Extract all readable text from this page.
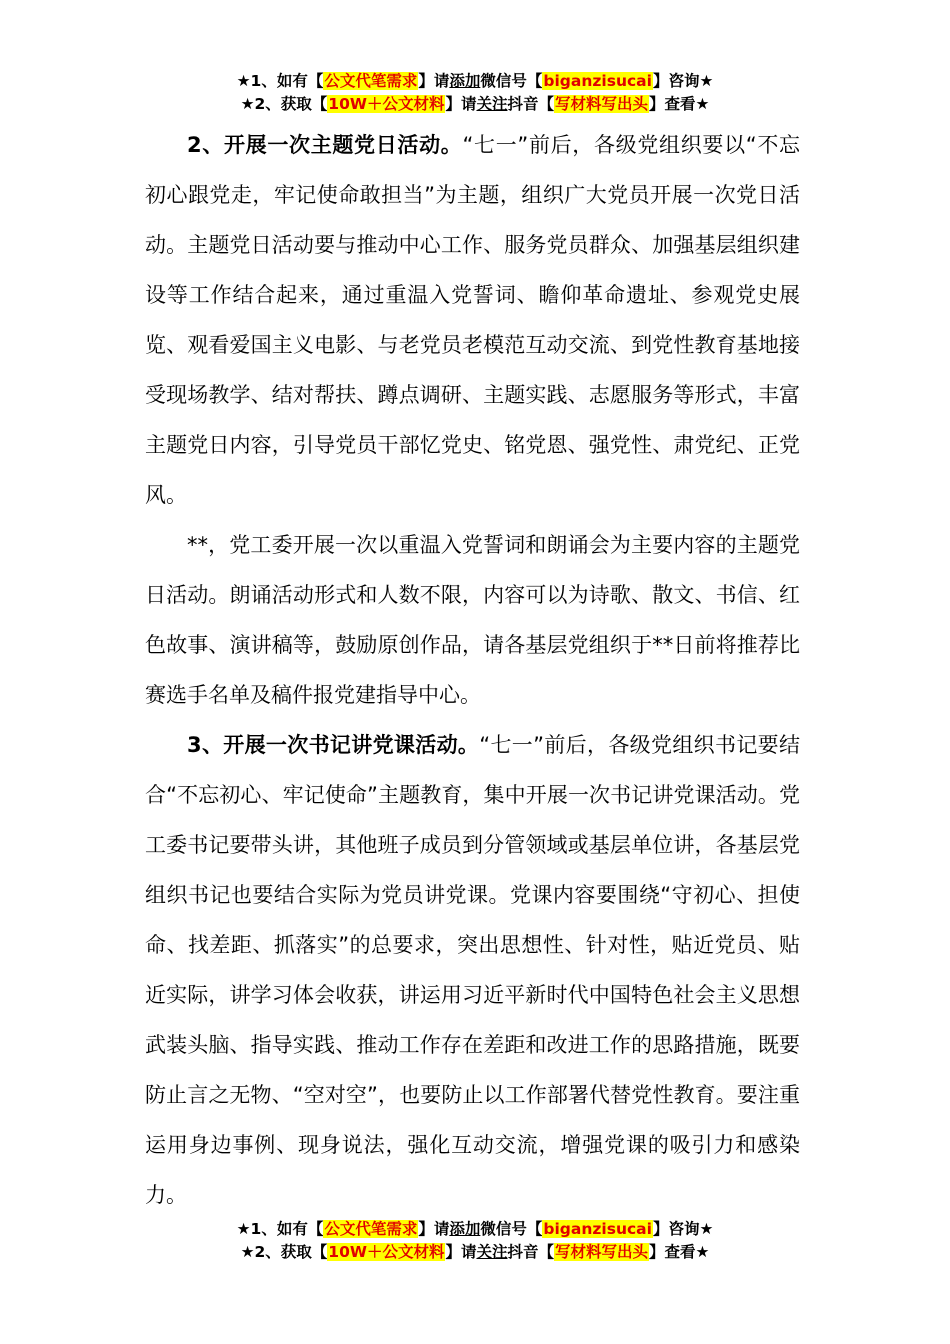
★1、如有【公文代笔需求】请添加微信号【biganzisucai】咨询★
★2、获取【10W＋公文材料】请关注抖音【写材料写出头】查看★

2、开展一次主题党日活动。“七一”前后，各级党组织要以“不忘初心跟党走，牢记使命敢担当”为主题，组织广大党员开展一次党日活动。主题党日活动要与推动中心工作、服务党员群众、加强基层组织建设等工作结合起来，通过重温入党誓词、瞻仰革命遗址、参观党史展览、观看爱国主义电影、与老党员老模范互动交流、到党性教育基地接受现场教学、结对帮扶、蹲点调研、主题实践、志愿服务等形式，丰富主题党日内容，引导党员干部忆党史、铭党恩、强党性、肃党纪、正党风。

**，党工委开展一次以重温入党誓词和朗诵会为主要内容的主题党日活动。朗诵活动形式和人数不限，内容可以为诗歌、散文、书信、红色故事、演讲稿等，鼓励原创作品，请各基层党组织于**日前将推荐比赛选手名单及稿件报党建指导中心。

3、开展一次书记讲党课活动。“七一”前后，各级党组织书记要结合“不忘初心、牢记使命”主题教育，集中开展一次书记讲党课活动。党工委书记要带头讲，其他班子成员到分管领域或基层单位讲，各基层党组织书记也要结合实际为党员讲党课。党课内容要围绕“守初心、担使命、找差距、抓落实”的总要求，突出思想性、针对性，贴近党员、贴近实际，讲学习体会收获，讲运用习近平新时代中国特色社会主义思想武装头脑、指导实践、推动工作存在差距和改进工作的思路措施，既要防止言之无物、“空对空”，也要防止以工作部署代替党性教育。要注重运用身边事例、现身说法，强化互动交流，增强党课的吸引力和感染力。

★1、如有【公文代笔需求】请添加微信号【biganzisucai】咨询★
★2、获取【10W＋公文材料】请关注抖音【写材料写出头】查看★
